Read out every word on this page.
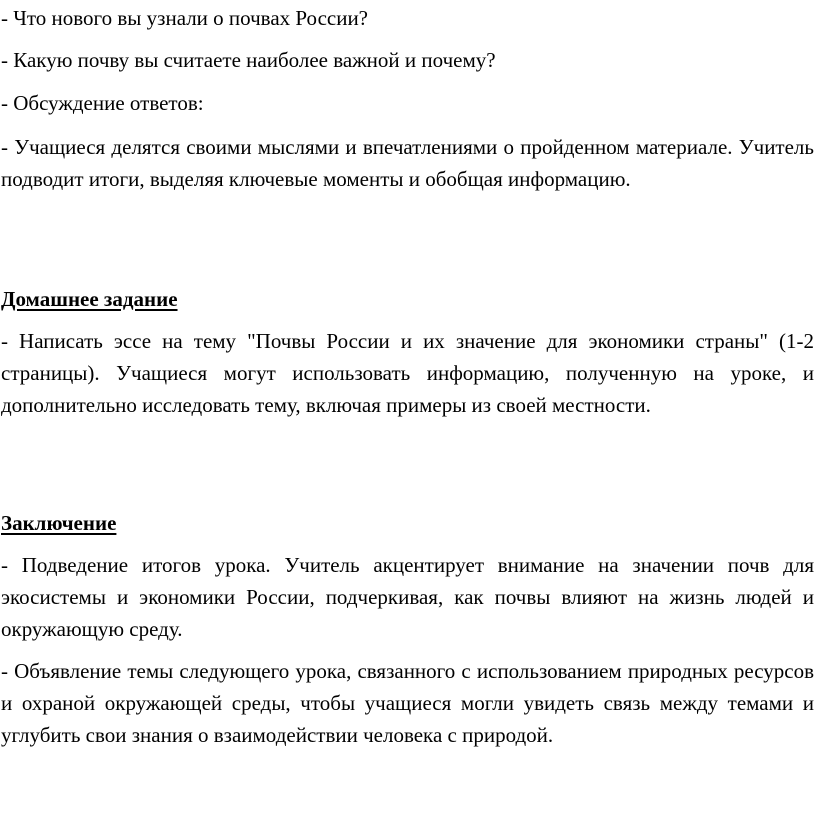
- Что нового вы узнали о почвах России?

- Какую почву вы считаете наиболее важной и почему?

- Обсуждение ответов:

- Учащиеся делятся своими мыслями и впечатлениями о пройденном материале. Учитель подводит итоги, выделяя ключевые моменты и обобщая информацию.

Домашнее задание

- Написать эссе на тему "Почвы России и их значение для экономики страны" (1-2 страницы). Учащиеся могут использовать информацию, полученную на уроке, и дополнительно исследовать тему, включая примеры из своей местности.

Заключение

- Подведение итогов урока. Учитель акцентирует внимание на значении почв для экосистемы и экономики России, подчеркивая, как почвы влияют на жизнь людей и окружающую среду.

- Объявление темы следующего урока, связанного с использованием природных ресурсов и охраной окружающей среды, чтобы учащиеся могли увидеть связь между темами и углубить свои знания о взаимодействии человека с природой.
